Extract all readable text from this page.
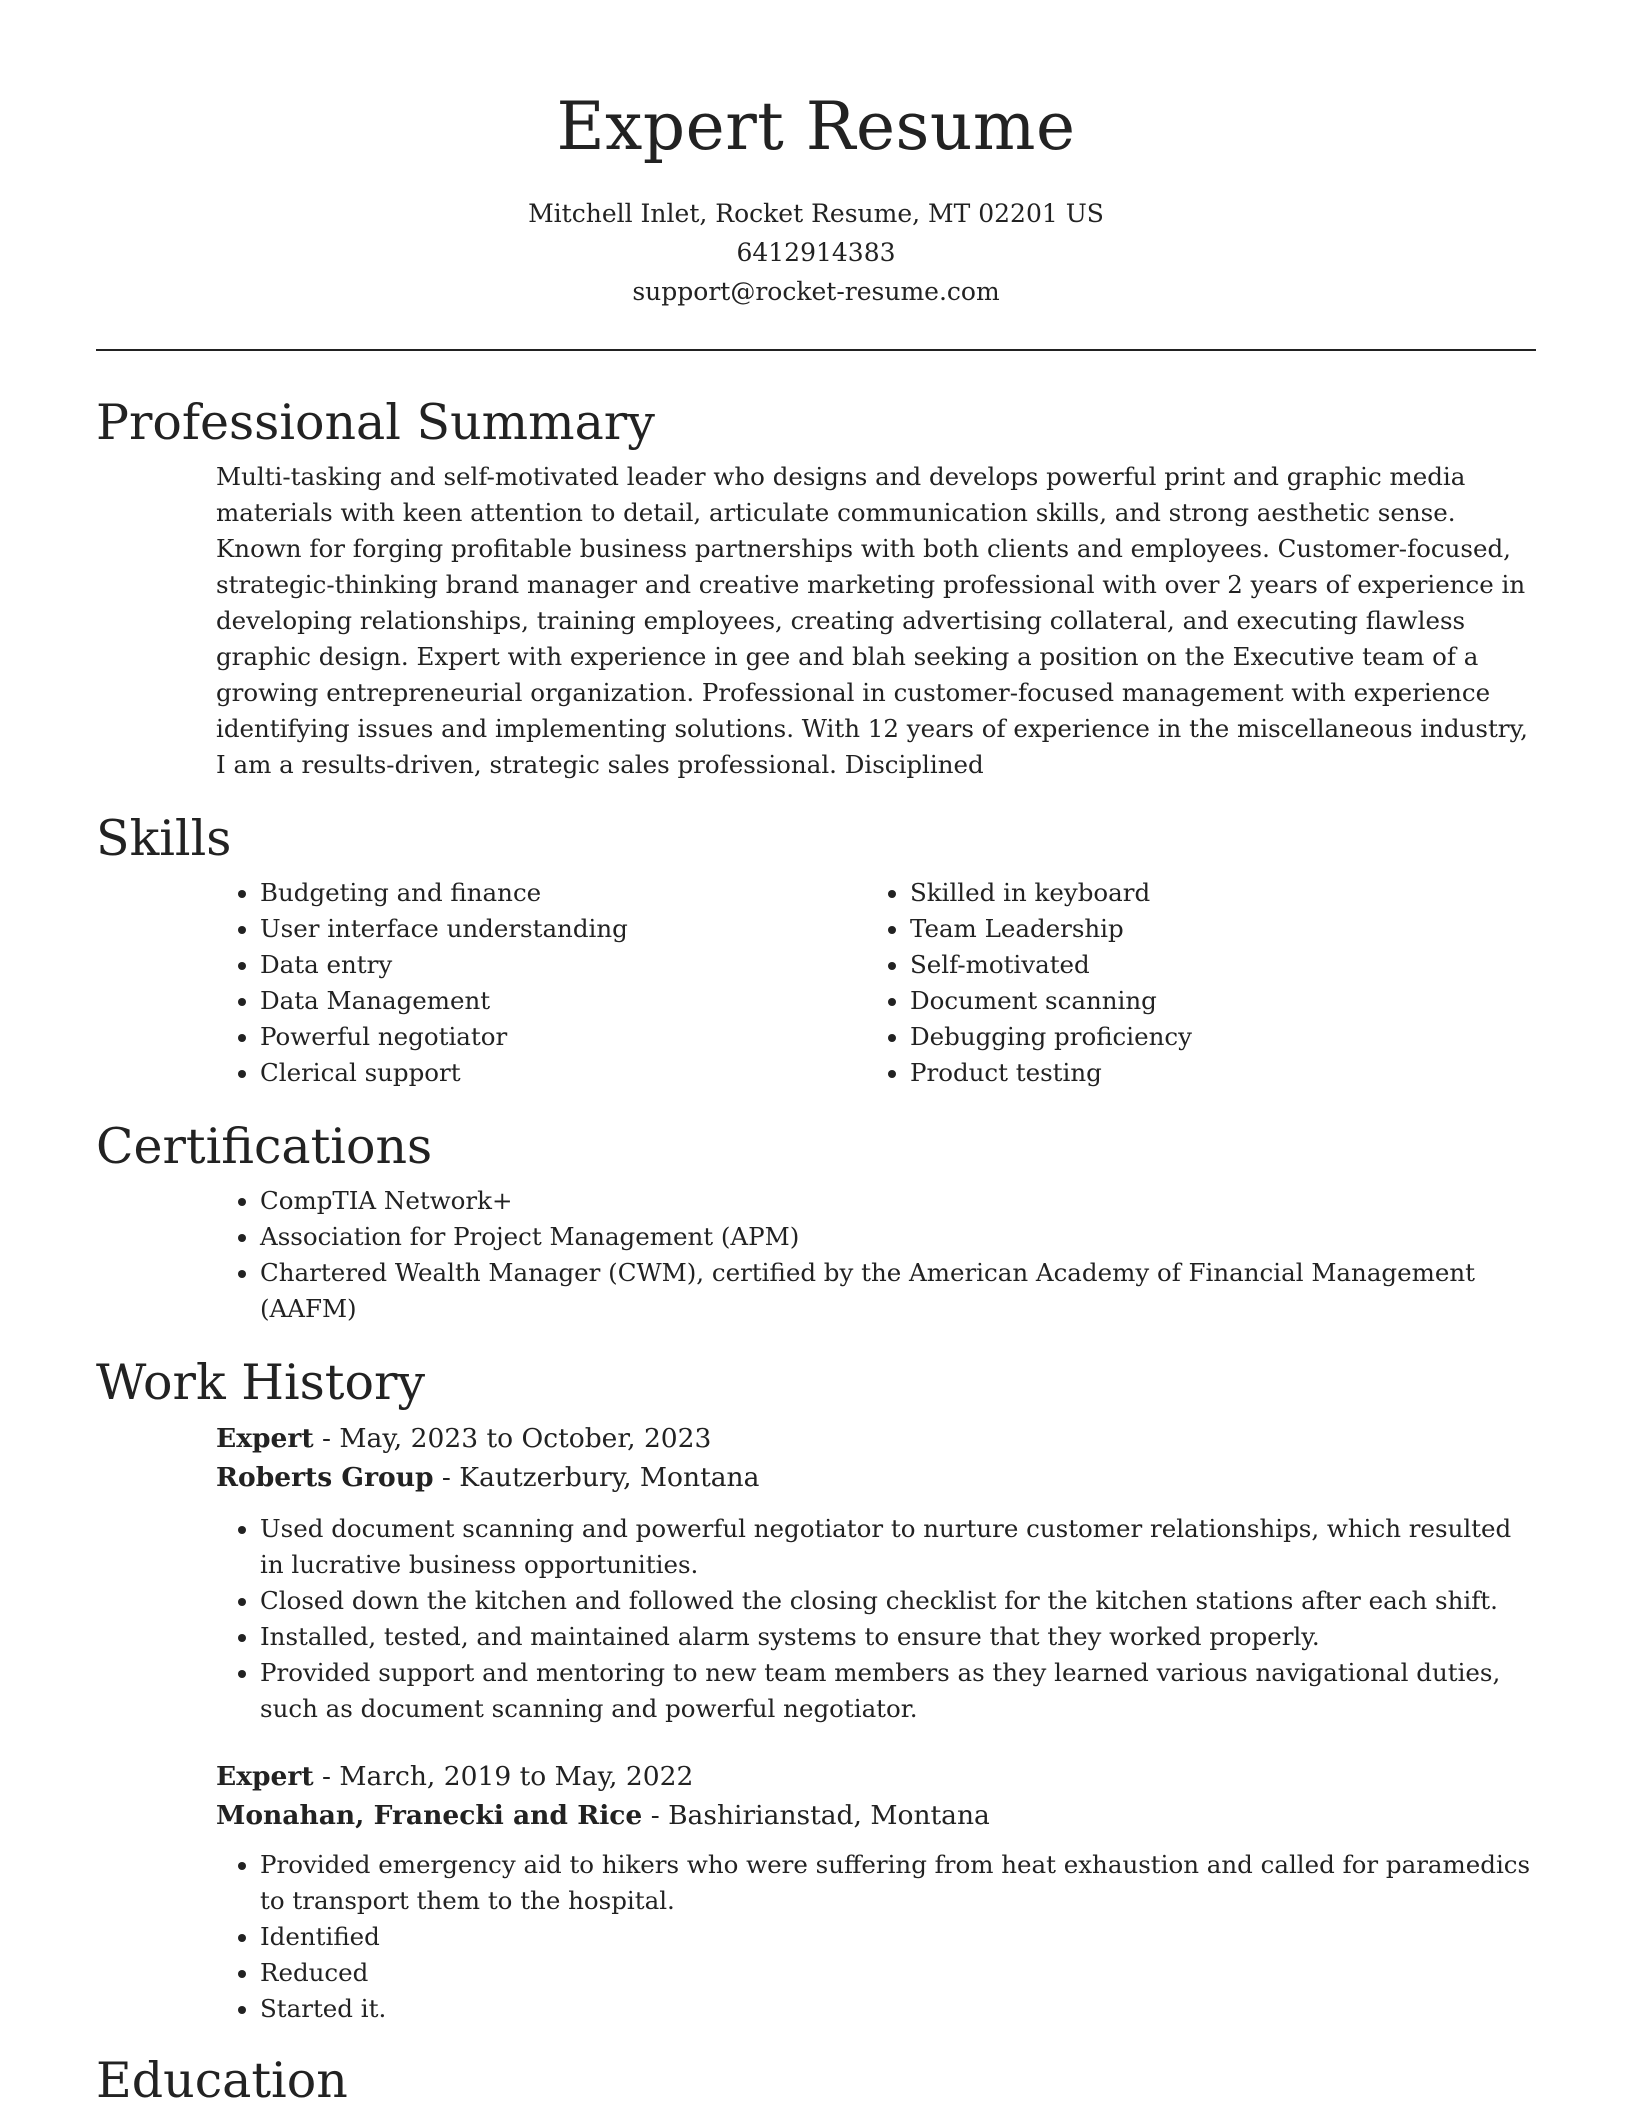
Expert Resume
Mitchell Inlet, Rocket Resume, MT 02201 US
6412914383
support@rocket-resume.com
Professional Summary
Multi-tasking and self-motivated leader who designs and develops powerful print and graphic media materials with keen attention to detail, articulate communication skills, and strong aesthetic sense. Known for forging profitable business partnerships with both clients and employees. Customer-focused, strategic-thinking brand manager and creative marketing professional with over 2 years of experience in developing relationships, training employees, creating advertising collateral, and executing flawless graphic design. Expert with experience in gee and blah seeking a position on the Executive team of a growing entrepreneurial organization. Professional in customer-focused management with experience identifying issues and implementing solutions. With 12 years of experience in the miscellaneous industry, I am a results-driven, strategic sales professional. Disciplined
Skills
• Budgeting and finance
• User interface understanding
• Data entry
• Data Management
• Powerful negotiator
• Clerical support
• Skilled in keyboard
• Team Leadership
• Self-motivated
• Document scanning
• Debugging proficiency
• Product testing
Certifications
• CompTIA Network+
• Association for Project Management (APM)
• Chartered Wealth Manager (CWM), certified by the American Academy of Financial Management (AAFM)
Work History
Expert - May, 2023 to October, 2023
Roberts Group - Kautzerbury, Montana
• Used document scanning and powerful negotiator to nurture customer relationships, which resulted in lucrative business opportunities.
• Closed down the kitchen and followed the closing checklist for the kitchen stations after each shift.
• Installed, tested, and maintained alarm systems to ensure that they worked properly.
• Provided support and mentoring to new team members as they learned various navigational duties, such as document scanning and powerful negotiator.
Expert - March, 2019 to May, 2022
Monahan, Franecki and Rice - Bashirianstad, Montana
• Provided emergency aid to hikers who were suffering from heat exhaustion and called for paramedics to transport them to the hospital.
• Identified
• Reduced
• Started it.
Education
